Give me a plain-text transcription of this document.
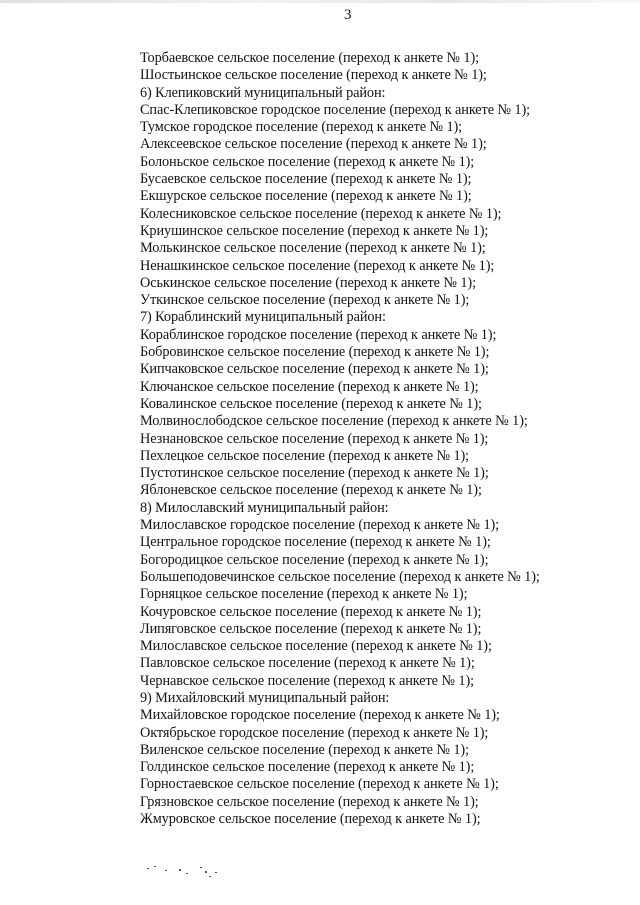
3
Торбаевское сельское поселение (переход к анкете № 1);
Шостьинское сельское поселение (переход к анкете № 1);
6) Клепиковский муниципальный район:
Спас-Клепиковское городское поселение (переход к анкете № 1);
Тумское городское поселение (переход к анкете № 1);
Алексеевское сельское поселение (переход к анкете № 1);
Болоньское сельское поселение (переход к анкете № 1);
Бусаевское сельское поселение (переход к анкете № 1);
Екшурское сельское поселение (переход к анкете № 1);
Колесниковское сельское поселение (переход к анкете № 1);
Криушинское сельское поселение (переход к анкете № 1);
Молькинское сельское поселение (переход к анкете № 1);
Ненашкинское сельское поселение (переход к анкете № 1);
Оськинское сельское поселение (переход к анкете № 1);
Уткинское сельское поселение (переход к анкете № 1);
7) Кораблинский муниципальный район:
Кораблинское городское поселение (переход к анкете № 1);
Бобровинское сельское поселение (переход к анкете № 1);
Кипчаковское сельское поселение (переход к анкете № 1);
Ключанское сельское поселение (переход к анкете № 1);
Ковалинское сельское поселение (переход к анкете № 1);
Молвинослободское сельское поселение (переход к анкете № 1);
Незнановское сельское поселение (переход к анкете № 1);
Пехлецкое сельское поселение (переход к анкете № 1);
Пустотинское сельское поселение (переход к анкете № 1);
Яблоневское сельское поселение (переход к анкете № 1);
8) Милославский муниципальный район:
Милославское городское поселение (переход к анкете № 1);
Центральное городское поселение (переход к анкете № 1);
Богородицкое сельское поселение (переход к анкете № 1);
Большеподовечинское сельское поселение (переход к анкете № 1);
Горняцкое сельское поселение (переход к анкете № 1);
Кочуровское сельское поселение (переход к анкете № 1);
Липяговское сельское поселение (переход к анкете № 1);
Милославское сельское поселение (переход к анкете № 1);
Павловское сельское поселение (переход к анкете № 1);
Чернавское сельское поселение (переход к анкете № 1);
9) Михайловский муниципальный район:
Михайловское городское поселение (переход к анкете № 1);
Октябрьское городское поселение (переход к анкете № 1);
Виленское сельское поселение (переход к анкете № 1);
Голдинское сельское поселение (переход к анкете № 1);
Горностаевское сельское поселение (переход к анкете № 1);
Грязновское сельское поселение (переход к анкете № 1);
Жмуровское сельское поселение (переход к анкете № 1);
